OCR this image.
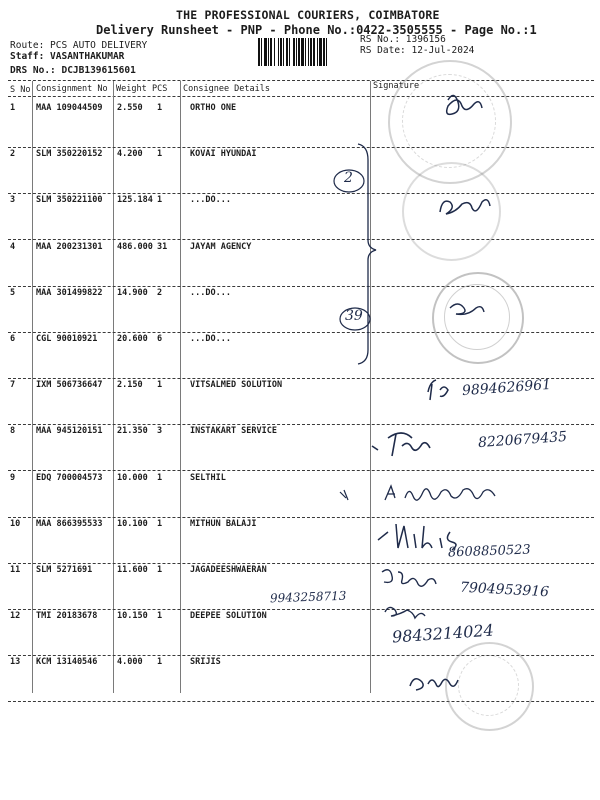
THE PROFESSIONAL COURIERS, COIMBATORE
Delivery Runsheet - PNP - Phone No.:0422-3505555 - Page No.:1
Route: PCS AUTO DELIVERY
Staff: VASANTHAKUMAR
DRS No.: DCJB139615601
RS No.: 1396156
RS Date: 12-Jul-2024
S No Consignment No Weight PCS Consignee Details	Signature
1 MAA 109044509 2.550 1	ORTHO ONE
2 SLM 350220152 4.200 1	KOVAI HYUNDAI
3 SLM 350221100 125.184 1	...DO...
4 MAA 200231301 486.000 31	JAYAM AGENCY
5 MAA 301499822 14.900 2	...DO...
6 CGL 90010921 20.600 6	...DO...
7 IXM 506736647 2.150 1	VITSALMED SOLUTION
8 MAA 945120151 21.350 3	INSTAKART SERVICE
9 EDQ 700004573 10.000 1	SELTHIL
10 MAA 866395533 10.100 1	MITHUN BALAJI
11 SLM 5271691	11.600 1	JAGADEESHWAERAN
12 TMI 20183678 10.150 1	DEEPEE SOLUTION
13 KCM 13140546 4.000 1	SRIJIS
2
39
9894626961
8220679435
8608850523
9943258713	7904953916
9843214024
